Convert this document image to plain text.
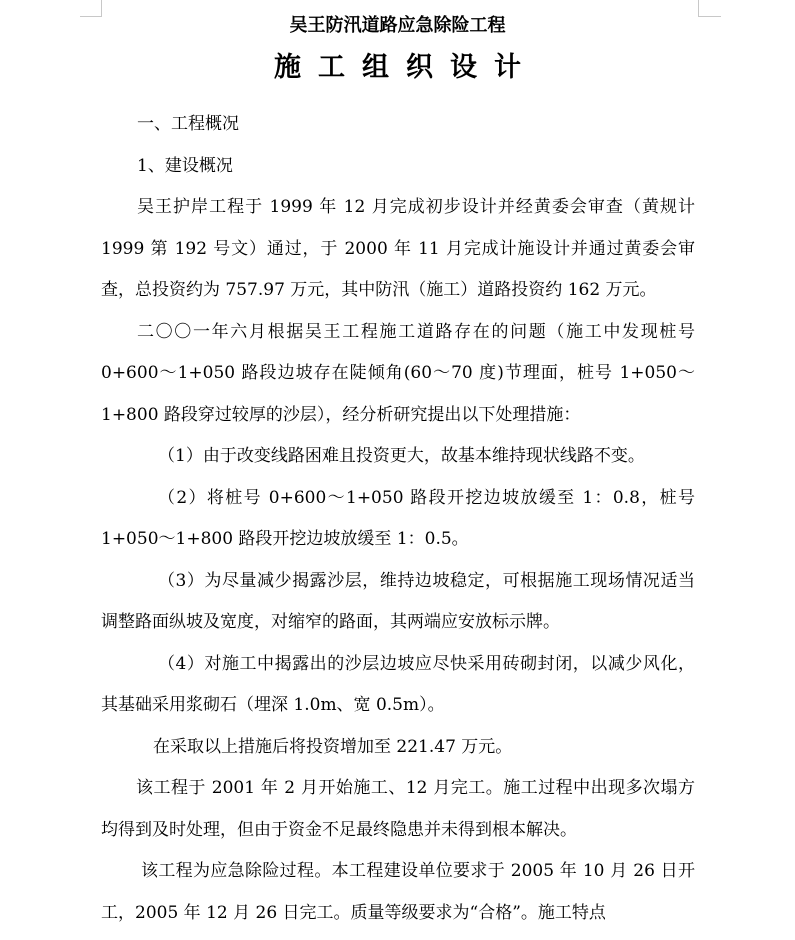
吴王防汛道路应急除险工程
施工组织设计

一、工程概况

1、建设概况

吴王护岸工程于 1999 年 12 月完成初步设计并经黄委会审查（黄规计 1999 第 192 号文）通过，于 2000 年 11 月完成计施设计并通过黄委会审查，总投资约为 757.97 万元，其中防汛（施工）道路投资约 162 万元。

二〇〇一年六月根据吴王工程施工道路存在的问题（施工中发现桩号 0+600～1+050 路段边坡存在陡倾角(60～70 度)节理面，桩号 1+050～1+800 路段穿过较厚的沙层），经分析研究提出以下处理措施：

（1）由于改变线路困难且投资更大，故基本维持现状线路不变。

（2）将桩号 0+600～1+050 路段开挖边坡放缓至 1：0.8，桩号 1+050～1+800 路段开挖边坡放缓至 1：0.5。

（3）为尽量减少揭露沙层，维持边坡稳定，可根据施工现场情况适当调整路面纵坡及宽度，对缩窄的路面，其两端应安放标示牌。

（4）对施工中揭露出的沙层边坡应尽快采用砖砌封闭，以减少风化，其基础采用浆砌石（埋深 1.0m、宽 0.5m）。

在采取以上措施后将投资增加至 221.47 万元。

该工程于 2001 年 2 月开始施工、12 月完工。施工过程中出现多次塌方均得到及时处理，但由于资金不足最终隐患并未得到根本解决。

该工程为应急除险过程。本工程建设单位要求于 2005 年 10 月 26 日开工，2005 年 12 月 26 日完工。质量等级要求为“合格”。施工特点
